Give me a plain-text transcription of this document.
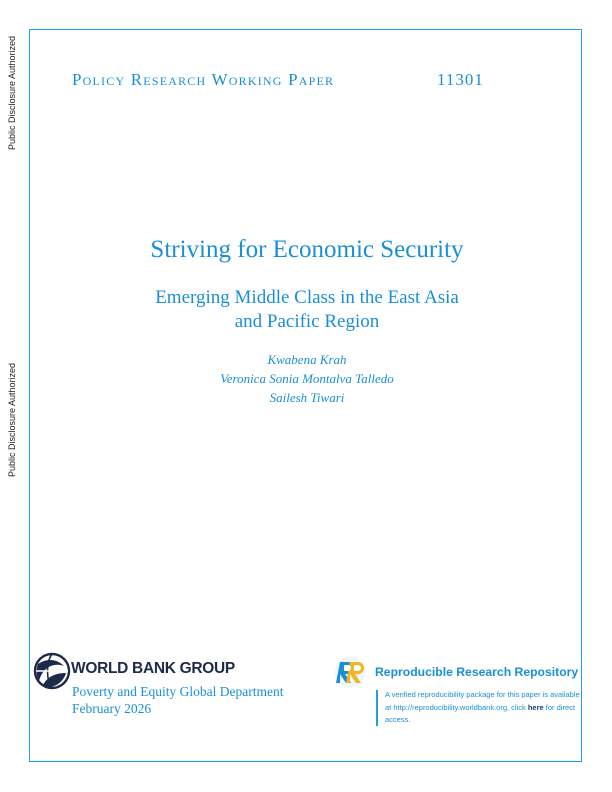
Public Disclosure Authorized
Public Disclosure Authorized
Policy Research Working Paper	11301
Striving for Economic Security
Emerging Middle Class in the East Asia
and Pacific Region
Kwabena Krah
Veronica Sonia Montalva Talledo
Sailesh Tiwari
WORLD BANK GROUP
Poverty and Equity Global Department
February 2026
Reproducible Research Repository
A verified reproducibility package for this paper is available at http://reproducibility.worldbank.org, click here for direct access.
